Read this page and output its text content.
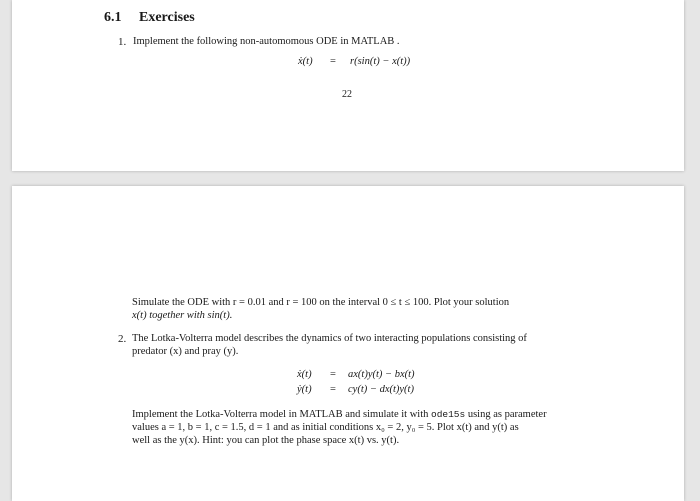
6.1 Exercises
1. Implement the following non-automomous ODE in MATLAB .
ẋ(t) = r(sin(t) − x(t))
22
Simulate the ODE with r = 0.01 and r = 100 on the interval 0 ≤ t ≤ 100. Plot your solution
x(t) together with sin(t).
2. The Lotka-Volterra model describes the dynamics of two interacting populations consisting of
predator (x) and pray (y).
ẋ(t) = ax(t)y(t) − bx(t)
ẏ(t) = cy(t) − dx(t)y(t)
Implement the Lotka-Volterra model in MATLAB and simulate it with ode15s using as parameter
values a = 1, b = 1, c = 1.5, d = 1 and as initial conditions x₀ = 2, y₀ = 5. Plot x(t) and y(t) as
well as the y(x). Hint: you can plot the phase space x(t) vs. y(t).
